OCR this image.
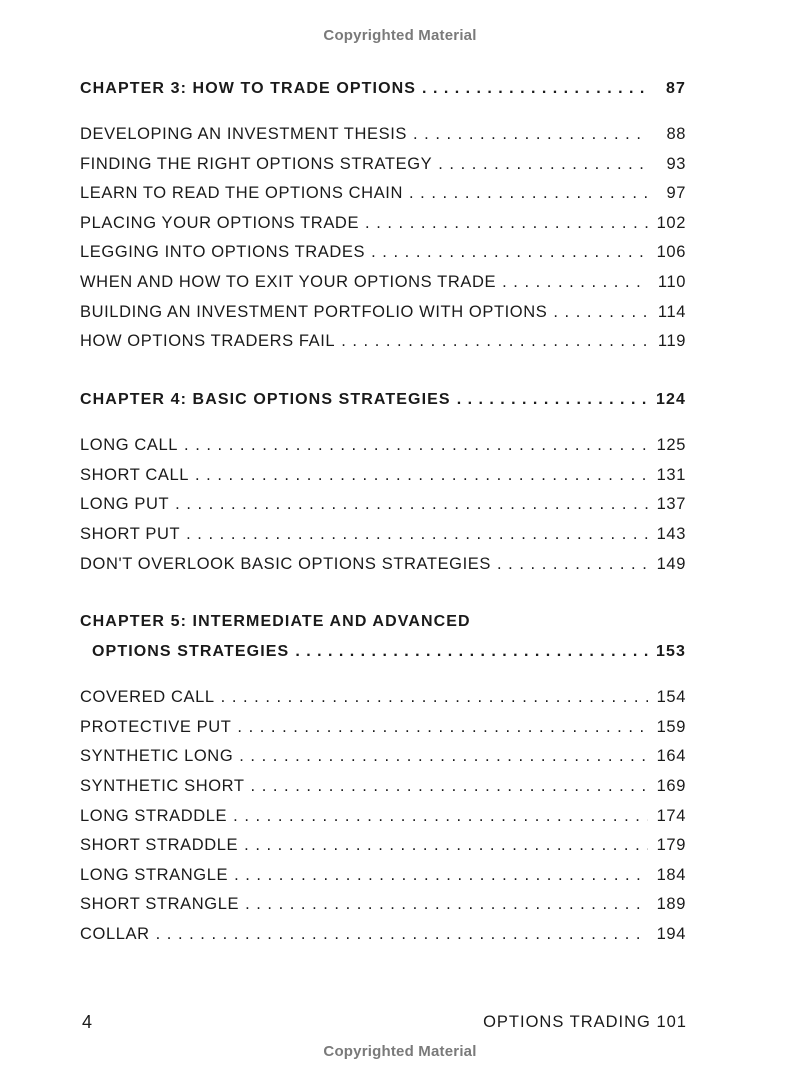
Copyrighted Material
CHAPTER 3: HOW TO TRADE OPTIONS . . .	87
DEVELOPING AN INVESTMENT THESIS . . .	88
FINDING THE RIGHT OPTIONS STRATEGY . . .	93
LEARN TO READ THE OPTIONS CHAIN . . .	97
PLACING YOUR OPTIONS TRADE . . .	102
LEGGING INTO OPTIONS TRADES . . .	106
WHEN AND HOW TO EXIT YOUR OPTIONS TRADE . . .	110
BUILDING AN INVESTMENT PORTFOLIO WITH OPTIONS . . .	114
HOW OPTIONS TRADERS FAIL . . .	119
CHAPTER 4: BASIC OPTIONS STRATEGIES . . .	124
LONG CALL . . .	125
SHORT CALL . . .	131
LONG PUT . . .	137
SHORT PUT . . .	143
DON'T OVERLOOK BASIC OPTIONS STRATEGIES . . .	149
CHAPTER 5: INTERMEDIATE AND ADVANCED
OPTIONS STRATEGIES . . .	153
COVERED CALL . . .	154
PROTECTIVE PUT . . .	159
SYNTHETIC LONG . . .	164
SYNTHETIC SHORT . . .	169
LONG STRADDLE . . .	174
SHORT STRADDLE . . .	179
LONG STRANGLE . . .	184
SHORT STRANGLE . . .	189
COLLAR . . .	194
4	OPTIONS TRADING 101
Copyrighted Material
